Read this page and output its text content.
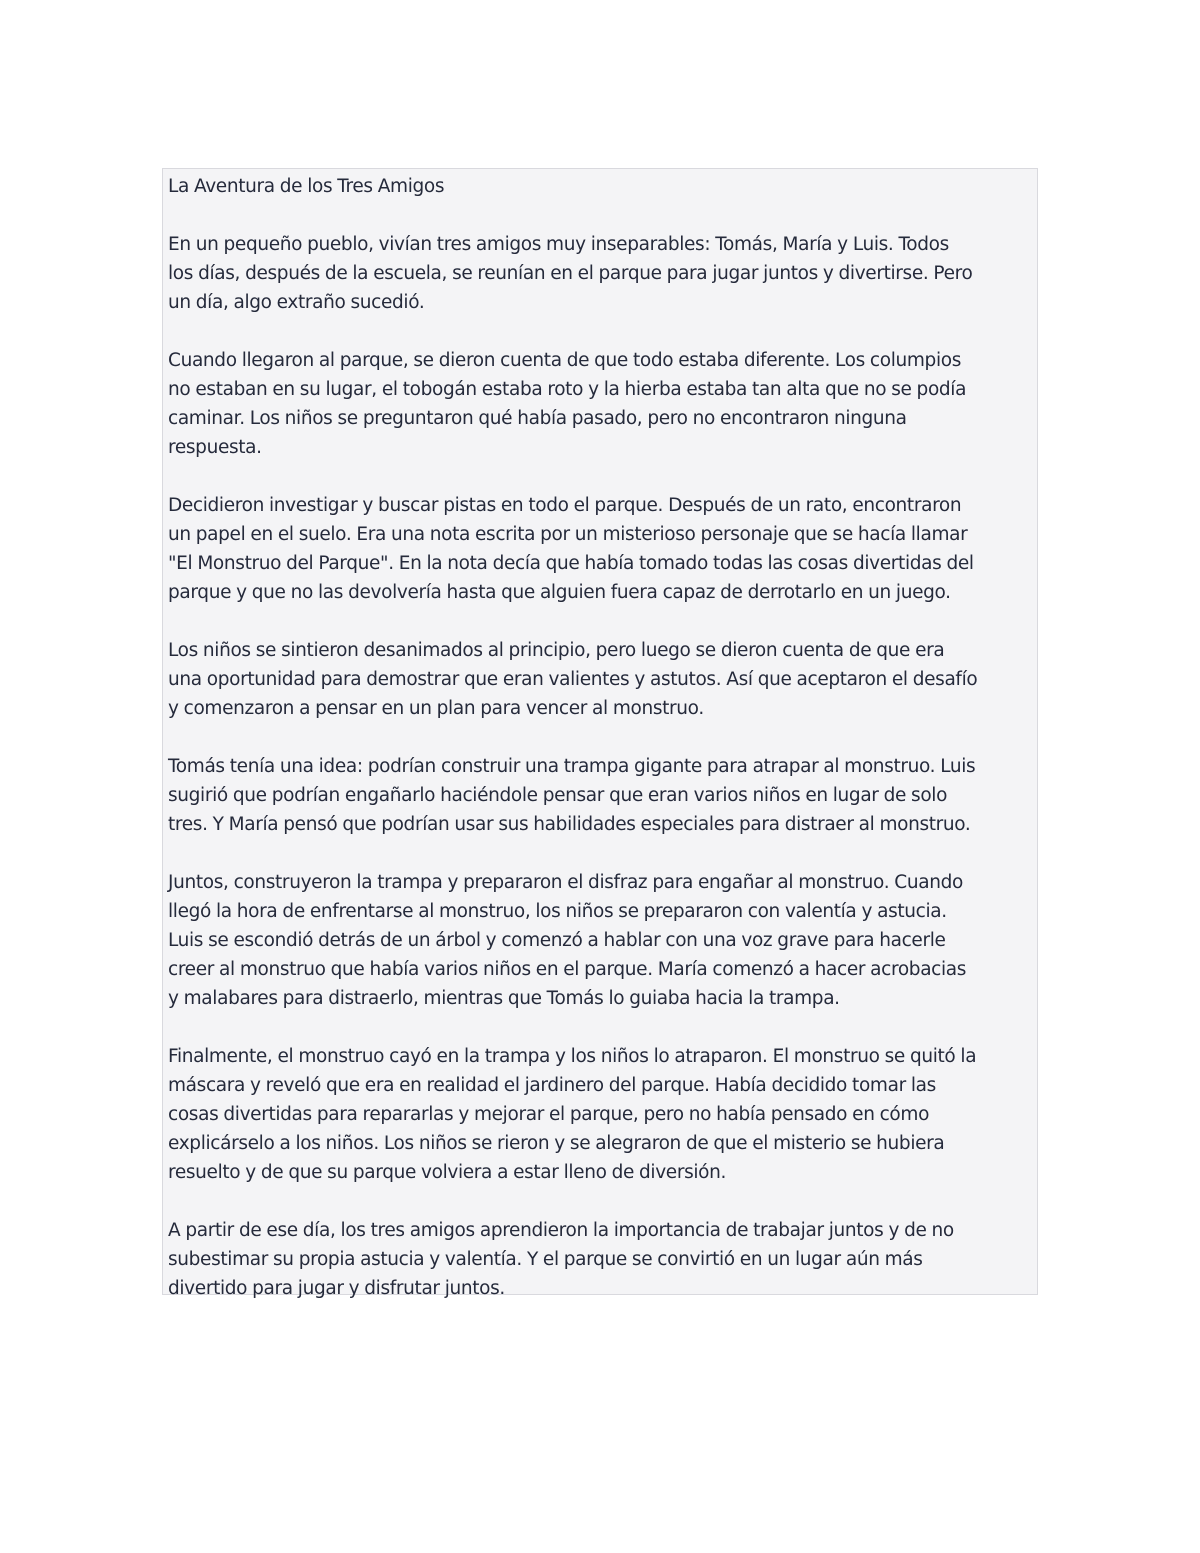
La Aventura de los Tres Amigos
En un pequeño pueblo, vivían tres amigos muy inseparables: Tomás, María y Luis. Todos
los días, después de la escuela, se reunían en el parque para jugar juntos y divertirse. Pero
un día, algo extraño sucedió.
Cuando llegaron al parque, se dieron cuenta de que todo estaba diferente. Los columpios
no estaban en su lugar, el tobogán estaba roto y la hierba estaba tan alta que no se podía
caminar. Los niños se preguntaron qué había pasado, pero no encontraron ninguna
respuesta.
Decidieron investigar y buscar pistas en todo el parque. Después de un rato, encontraron
un papel en el suelo. Era una nota escrita por un misterioso personaje que se hacía llamar
"El Monstruo del Parque". En la nota decía que había tomado todas las cosas divertidas del
parque y que no las devolvería hasta que alguien fuera capaz de derrotarlo en un juego.
Los niños se sintieron desanimados al principio, pero luego se dieron cuenta de que era
una oportunidad para demostrar que eran valientes y astutos. Así que aceptaron el desafío
y comenzaron a pensar en un plan para vencer al monstruo.
Tomás tenía una idea: podrían construir una trampa gigante para atrapar al monstruo. Luis
sugirió que podrían engañarlo haciéndole pensar que eran varios niños en lugar de solo
tres. Y María pensó que podrían usar sus habilidades especiales para distraer al monstruo.
Juntos, construyeron la trampa y prepararon el disfraz para engañar al monstruo. Cuando
llegó la hora de enfrentarse al monstruo, los niños se prepararon con valentía y astucia.
Luis se escondió detrás de un árbol y comenzó a hablar con una voz grave para hacerle
creer al monstruo que había varios niños en el parque. María comenzó a hacer acrobacias
y malabares para distraerlo, mientras que Tomás lo guiaba hacia la trampa.
Finalmente, el monstruo cayó en la trampa y los niños lo atraparon. El monstruo se quitó la
máscara y reveló que era en realidad el jardinero del parque. Había decidido tomar las
cosas divertidas para repararlas y mejorar el parque, pero no había pensado en cómo
explicárselo a los niños. Los niños se rieron y se alegraron de que el misterio se hubiera
resuelto y de que su parque volviera a estar lleno de diversión.
A partir de ese día, los tres amigos aprendieron la importancia de trabajar juntos y de no
subestimar su propia astucia y valentía. Y el parque se convirtió en un lugar aún más
divertido para jugar y disfrutar juntos.
